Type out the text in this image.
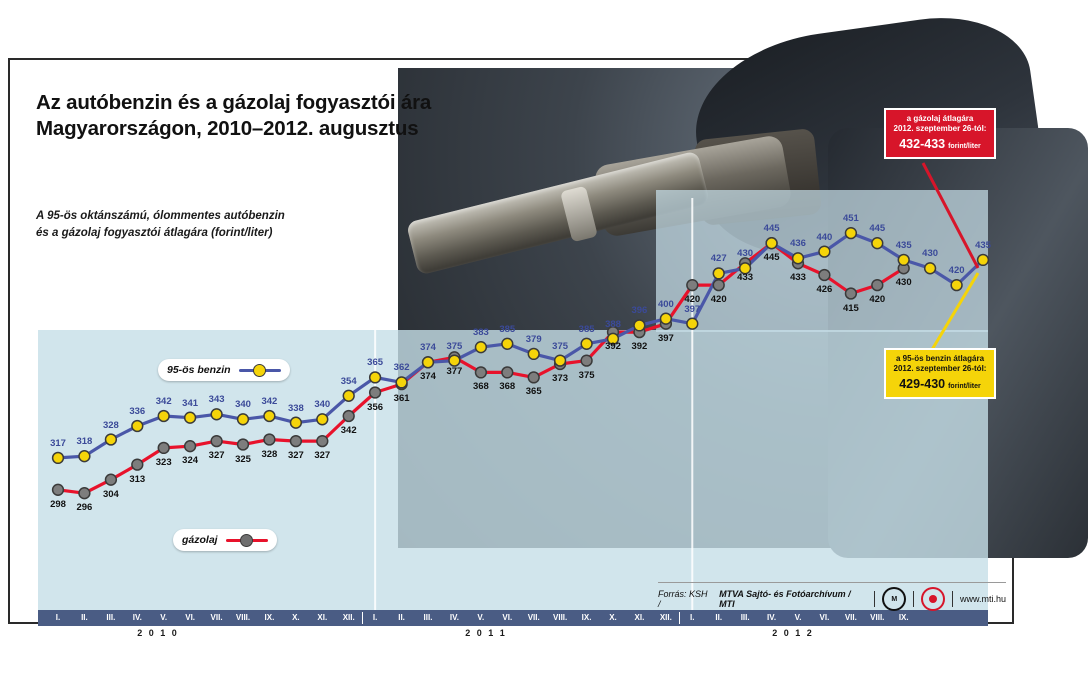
Az autóbenzin és a gázolaj fogyasztói ára
Magyarországon, 2010–2012. augusztus
A 95-ös oktánszámú, ólommentes autóbenzin
és a gázolaj fogyasztói átlagára (forint/liter)
317 318
328
336
342 341 343 340 342
338 340
354
365 362
374 375
383 385
379
375
385 388
396
400 397
427 430
445
436
440
451
445
435
430
420
435
298 296
304
313
323 324 327 325 328 327 327
342
356
361
374 377
368 368 365
373 375
392 392
397
420 420
433
445
433
426
415
420
430
95-ös benzin
gázolaj
a gázolaj átlagára
2012. szeptember 26-tól:
432-433 forint/liter
a 95-ös benzin átlagára
2012. szeptember 26-tól:
429-430 forint/liter
I.	II. III. IV. V. VI. VII. VIII. IX. X. XI. XII. I.	II. III. IV. V. VI. VII. VIII. IX. X. XI. XII. I.	II. III. IV. V. VI. VII. VIII. IX.
2 0 1 0	2 0 1 1	2 0 1 2
Forrás: KSH /
MTVA Sajtó- és Fotóarchívum / MTI	M	www.mti.hu
